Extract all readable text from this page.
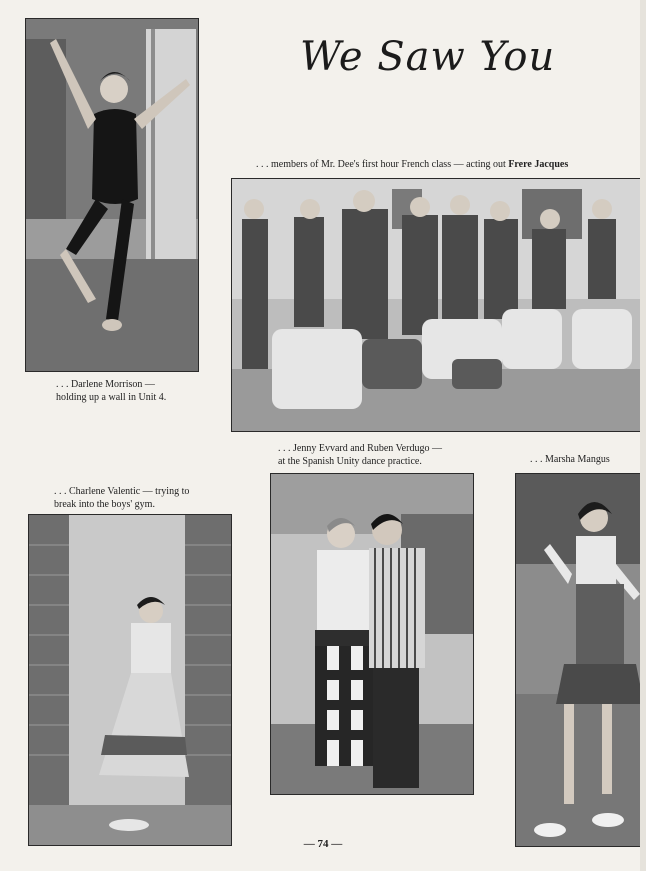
We Saw You
. . . Darlene Morrison —
holding up a wall in Unit 4.
. . . members of Mr. Dee's first hour French class — acting out Frere Jacques
. . . Jenny Evvard and Ruben Verdugo —
at the Spanish Unity dance practice.	. . . Marsha Mangus
. . . Charlene Valentic — trying to
break into the boys' gym.
— 74 —
